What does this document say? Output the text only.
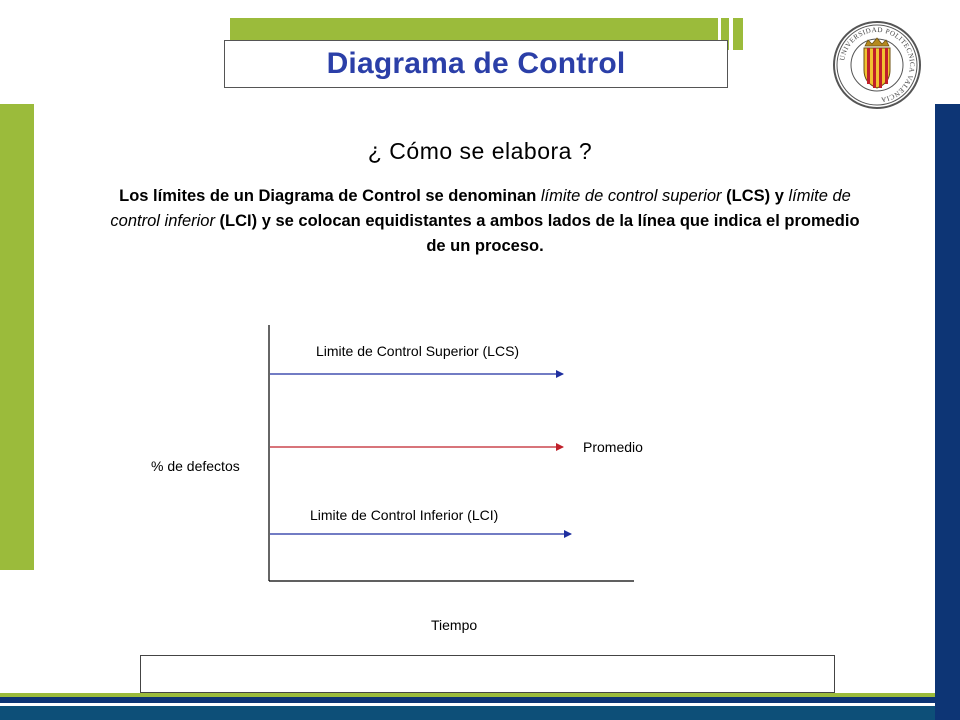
Diagrama de Control	UNIVERSIDAD POLITECNICA VALENCIA
¿ Cómo se elabora ?
Los límites de un Diagrama de Control se denominan límite de control superior (LCS) y límite de control inferior (LCI) y se colocan equidistantes a ambos lados de la línea que indica el promedio de un proceso.
Limite de Control Superior (LCS)
Promedio
Limite de Control Inferior (LCI)
% de defectos
Tiempo
